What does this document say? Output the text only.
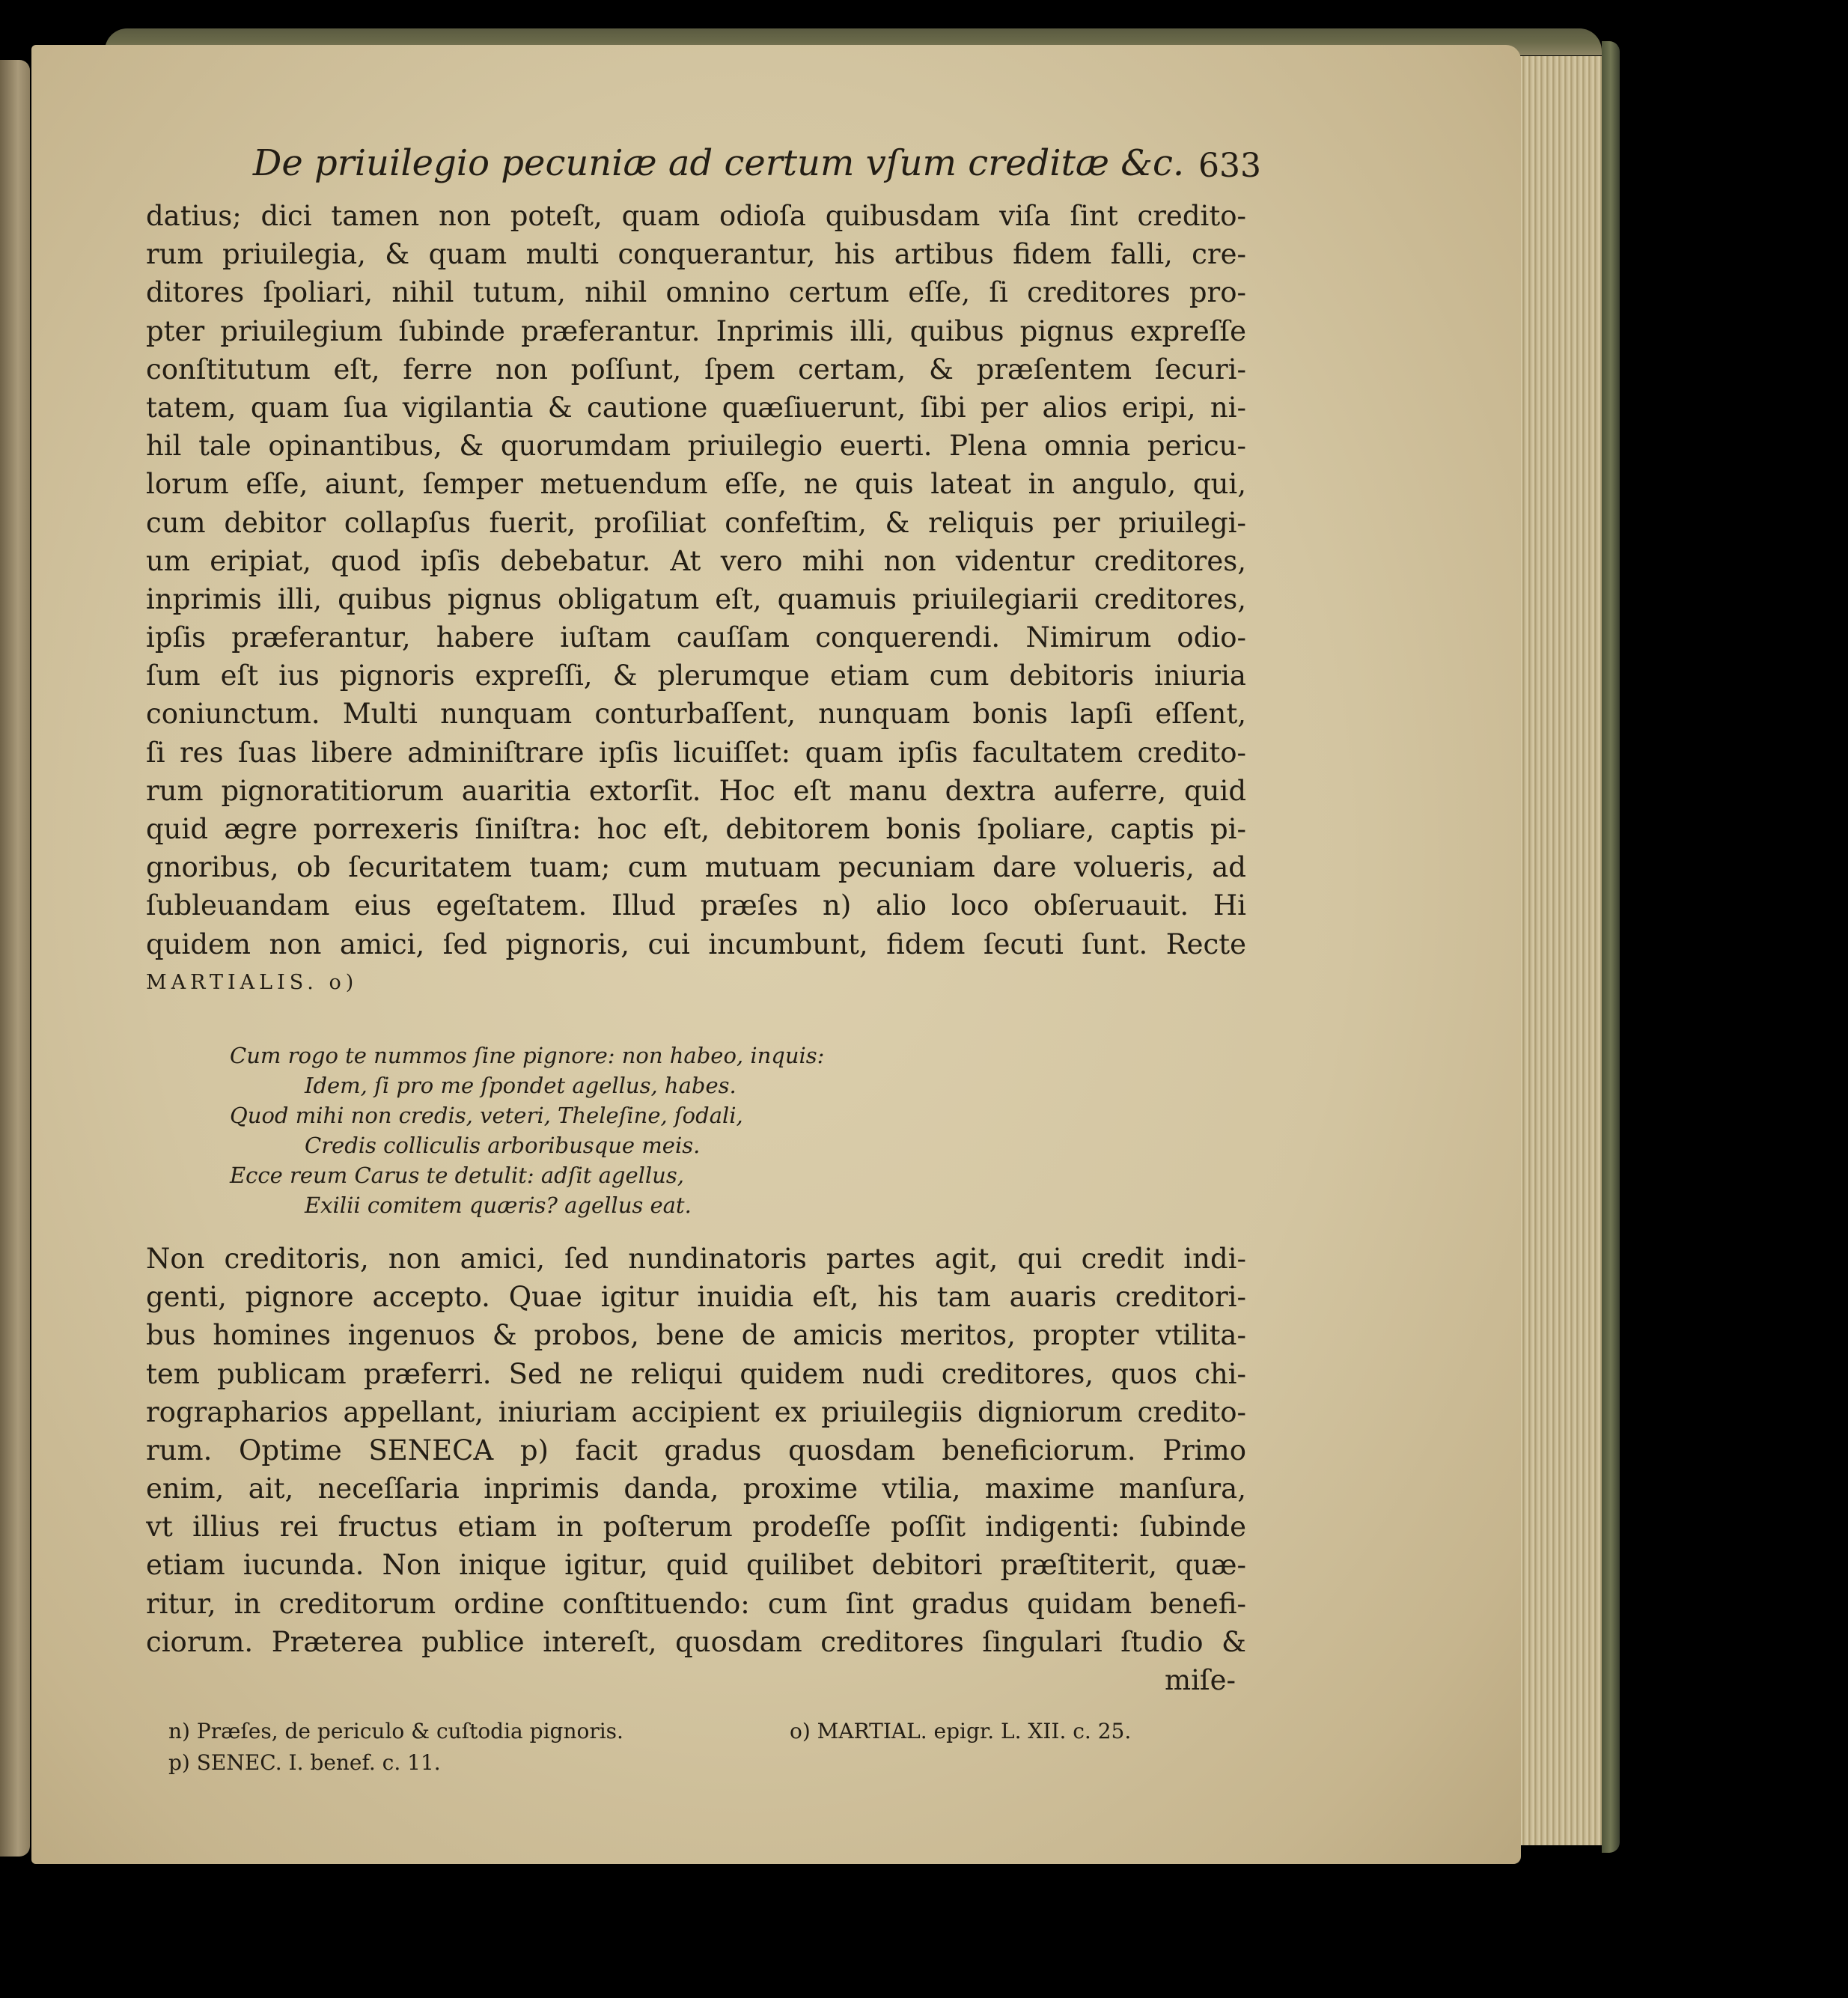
De priuilegio pecuniæ ad certum vſum creditæ &c. 633
datius; dici tamen non poteſt, quam odioſa quibusdam viſa ſint credito-
rum priuilegia, & quam multi conquerantur, his artibus fidem falli, cre-
ditores ſpoliari, nihil tutum, nihil omnino certum eſſe, ſi creditores pro-
pter priuilegium ſubinde præferantur. Inprimis illi, quibus pignus expreſſe
conſtitutum eſt, ferre non poſſunt, ſpem certam, & præſentem ſecuri-
tatem, quam ſua vigilantia & cautione quæſiuerunt, ſibi per alios eripi, ni-
hil tale opinantibus, & quorumdam priuilegio euerti. Plena omnia pericu-
lorum eſſe, aiunt, ſemper metuendum eſſe, ne quis lateat in angulo, qui,
cum debitor collapſus fuerit, proſiliat confeſtim, & reliquis per priuilegi-
um eripiat, quod ipſis debebatur. At vero mihi non videntur creditores,
inprimis illi, quibus pignus obligatum eſt, quamuis priuilegiarii creditores,
ipſis præferantur, habere iuſtam cauſſam conquerendi. Nimirum odio-
ſum eſt ius pignoris expreſſi, & plerumque etiam cum debitoris iniuria
coniunctum. Multi nunquam conturbaſſent, nunquam bonis lapſi eſſent,
ſi res ſuas libere adminiſtrare ipſis licuiſſet: quam ipſis facultatem credito-
rum pignoratitiorum auaritia extorſit. Hoc eſt manu dextra auferre, quid
quid ægre porrexeris ſiniſtra: hoc eſt, debitorem bonis ſpoliare, captis pi-
gnoribus, ob ſecuritatem tuam; cum mutuam pecuniam dare volueris, ad
ſubleuandam eius egeſtatem. Illud præſes n) alio loco obſeruauit. Hi
quidem non amici, ſed pignoris, cui incumbunt, fidem ſecuti ſunt. Recte
MARTIALIS. o)
Cum rogo te nummos ſine pignore: non habeo, inquis:
Idem, ſi pro me ſpondet agellus, habes.
Quod mihi non credis, veteri, Theleſine, ſodali,
Credis colliculis arboribusque meis.
Ecce reum Carus te detulit: adſit agellus,
Exilii comitem quæris? agellus eat.
Non creditoris, non amici, ſed nundinatoris partes agit, qui credit indi-
genti, pignore accepto. Quae igitur inuidia eſt, his tam auaris creditori-
bus homines ingenuos & probos, bene de amicis meritos, propter vtilita-
tem publicam præferri. Sed ne reliqui quidem nudi creditores, quos chi-
rographarios appellant, iniuriam accipient ex priuilegiis digniorum credito-
rum. Optime SENECA p) facit gradus quosdam beneficiorum. Primo
enim, ait, neceſſaria inprimis danda, proxime vtilia, maxime manſura,
vt illius rei fructus etiam in poſterum prodeſſe poſſit indigenti: ſubinde
etiam iucunda. Non inique igitur, quid quilibet debitori præſtiterit, quæ-
ritur, in creditorum ordine conſtituendo: cum ſint gradus quidam benefi-
ciorum. Præterea publice intereſt, quosdam creditores ſingulari ſtudio &
miſe-
n) Præſes, de periculo & cuſtodia pignoris.	o) MARTIAL. epigr. L. XII. c. 25.
p) SENEC. I. benef. c. 11.
